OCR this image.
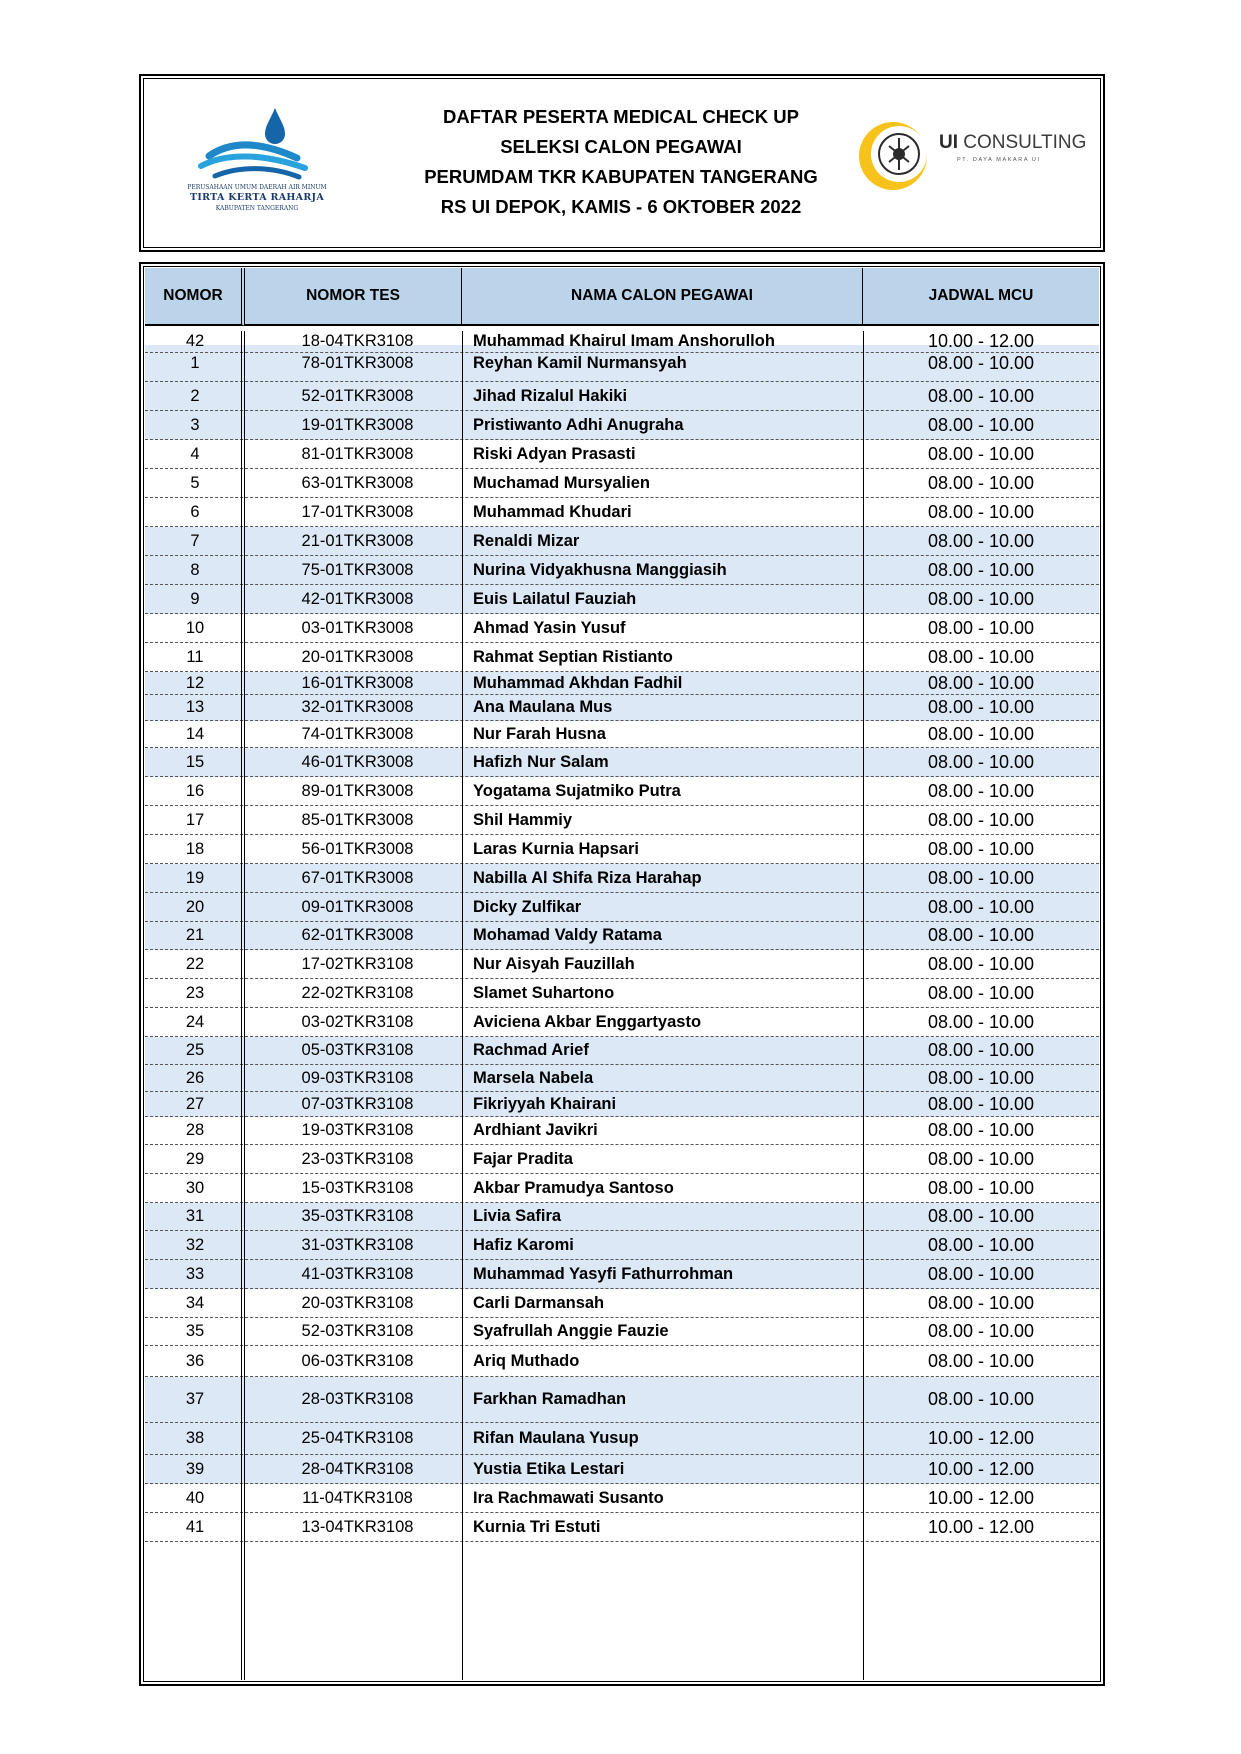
PERUSAHAAN UMUM DAERAH AIR MINUM
TIRTA KERTA RAHARJA
KABUPATEN TANGERANG
DAFTAR PESERTA MEDICAL CHECK UP
SELEKSI CALON PEGAWAI
PERUMDAM TKR KABUPATEN TANGERANG
RS UI DEPOK, KAMIS - 6 OKTOBER 2022
UI CONSULTING
PT. DAYA MAKARA UI
NOMOR	NOMOR TES	NAMA CALON PEGAWAI	JADWAL MCU
1	78-01TKR3008	Reyhan Kamil Nurmansyah	08.00 - 10.00
2	52-01TKR3008	Jihad Rizalul Hakiki	08.00 - 10.00
3	19-01TKR3008	Pristiwanto Adhi Anugraha	08.00 - 10.00
4	81-01TKR3008	Riski Adyan Prasasti	08.00 - 10.00
5	63-01TKR3008	Muchamad Mursyalien	08.00 - 10.00
6	17-01TKR3008	Muhammad Khudari	08.00 - 10.00
7	21-01TKR3008	Renaldi Mizar	08.00 - 10.00
8	75-01TKR3008	Nurina Vidyakhusna Manggiasih	08.00 - 10.00
9	42-01TKR3008	Euis Lailatul Fauziah	08.00 - 10.00
10	03-01TKR3008	Ahmad Yasin Yusuf	08.00 - 10.00
11	20-01TKR3008	Rahmat Septian Ristianto	08.00 - 10.00
12	16-01TKR3008	Muhammad Akhdan Fadhil	08.00 - 10.00
13	32-01TKR3008	Ana Maulana Mus	08.00 - 10.00
14	74-01TKR3008	Nur Farah Husna	08.00 - 10.00
15	46-01TKR3008	Hafizh Nur Salam	08.00 - 10.00
16	89-01TKR3008	Yogatama Sujatmiko Putra	08.00 - 10.00
17	85-01TKR3008	Shil Hammiy	08.00 - 10.00
18	56-01TKR3008	Laras Kurnia Hapsari	08.00 - 10.00
19	67-01TKR3008	Nabilla Al Shifa Riza Harahap	08.00 - 10.00
20	09-01TKR3008	Dicky Zulfikar	08.00 - 10.00
21	62-01TKR3008	Mohamad Valdy Ratama	08.00 - 10.00
22	17-02TKR3108	Nur Aisyah Fauzillah	08.00 - 10.00
23	22-02TKR3108	Slamet Suhartono	08.00 - 10.00
24	03-02TKR3108	Aviciena Akbar Enggartyasto	08.00 - 10.00
25	05-03TKR3108	Rachmad Arief	08.00 - 10.00
26	09-03TKR3108	Marsela Nabela	08.00 - 10.00
27	07-03TKR3108	Fikriyyah Khairani	08.00 - 10.00
28	19-03TKR3108	Ardhiant Javikri	08.00 - 10.00
29	23-03TKR3108	Fajar Pradita	08.00 - 10.00
30	15-03TKR3108	Akbar Pramudya Santoso	08.00 - 10.00
31	35-03TKR3108	Livia Safira	08.00 - 10.00
32	31-03TKR3108	Hafiz Karomi	08.00 - 10.00
33	41-03TKR3108	Muhammad Yasyfi Fathurrohman	08.00 - 10.00
34	20-03TKR3108	Carli Darmansah	08.00 - 10.00
35	52-03TKR3108	Syafrullah Anggie Fauzie	08.00 - 10.00
36	06-03TKR3108	Ariq Muthado	08.00 - 10.00
37	28-03TKR3108	Farkhan Ramadhan	08.00 - 10.00
38	25-04TKR3108	Rifan Maulana Yusup	10.00 - 12.00
39	28-04TKR3108	Yustia Etika Lestari	10.00 - 12.00
40	11-04TKR3108	Ira Rachmawati Susanto	10.00 - 12.00
41	13-04TKR3108	Kurnia Tri Estuti	10.00 - 12.00
42	18-04TKR3108	Muhammad Khairul Imam Anshorulloh	10.00 - 12.00
